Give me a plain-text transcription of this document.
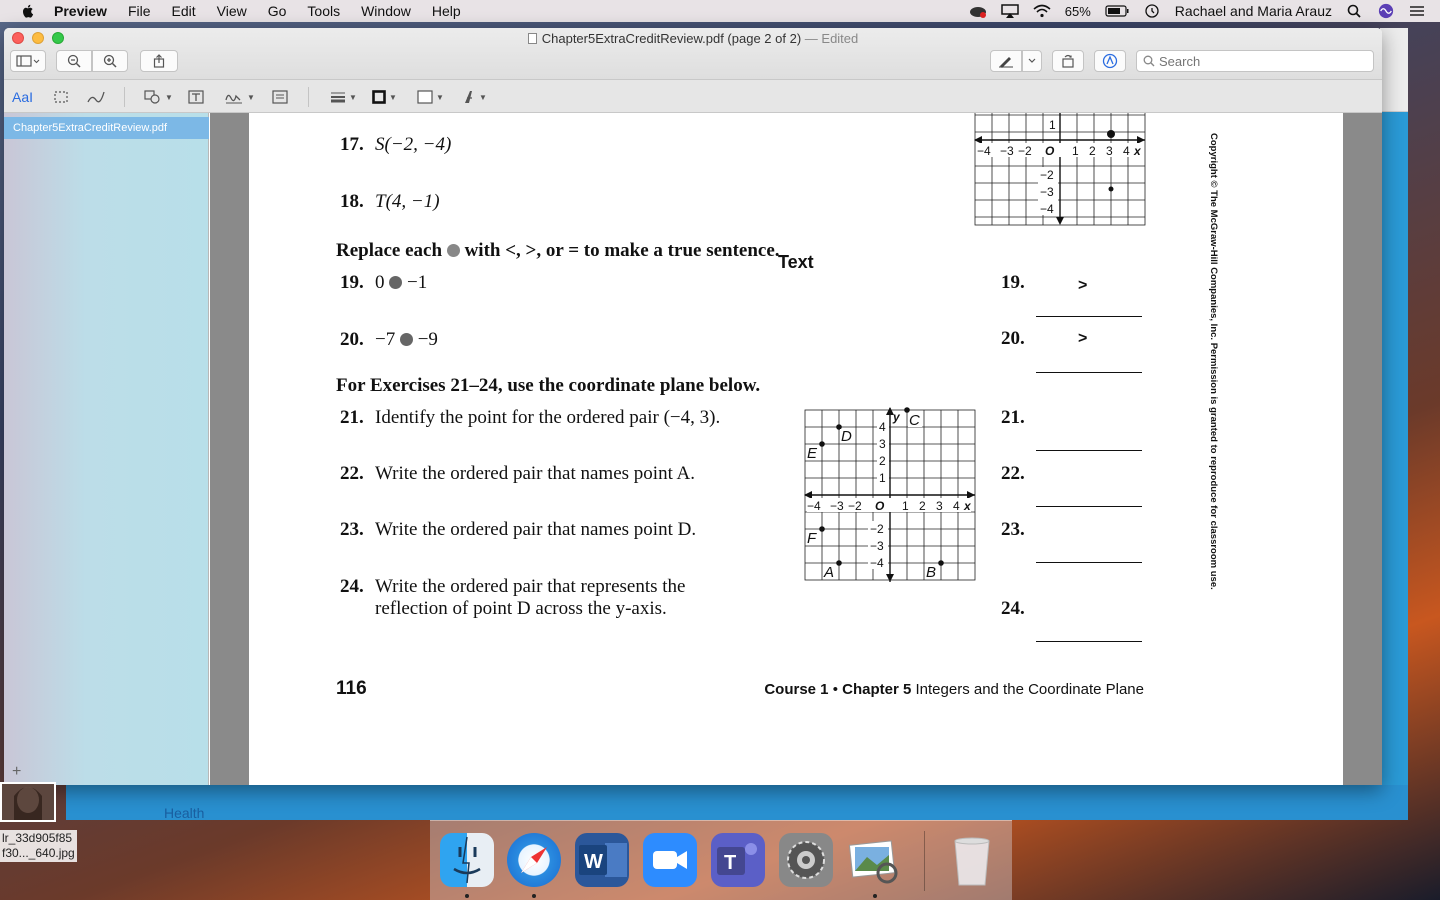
Preview File Edit View Go Tools Window Help	65%	Rachael and Maria Arauz
Health
Chapter5ExtraCreditReview.pdf (page 2 of 2) — Edited
Search
AaI	▼	▼	▼	▼	▼	▼
Chapter5ExtraCreditReview.pdf
+
−4 −3 −2 O 1 2 3 4 x
1
−2
−3
−4
17. S(−2, −4)
18. T(4, −1)
Replace each with <, >, or = to make a true sentence.
Text
19. 0 −1	19.	>
20. −7 −9	20.	>
For Exercises 21–24, use the coordinate plane below.
21. Identify the point for the ordered pair (−4, 3).	21.
22. Write the ordered pair that names point A.	22.
23. Write the ordered pair that names point D.	23.
24. Write the ordered pair that represents the
reflection of point D across the y-axis.	24.
−4 −3 −2 O 1 2 3 4 x
4
3
2
1
−2
−3
−4
y C
D
E
F
A	B	Copyright © The McGraw-Hill Companies, Inc. Permission is granted to reproduce for classroom use.
116	Course 1 • Chapter 5 Integers and the Coordinate Plane
lr_33d905f85
f30..._640.jpg	W	T
